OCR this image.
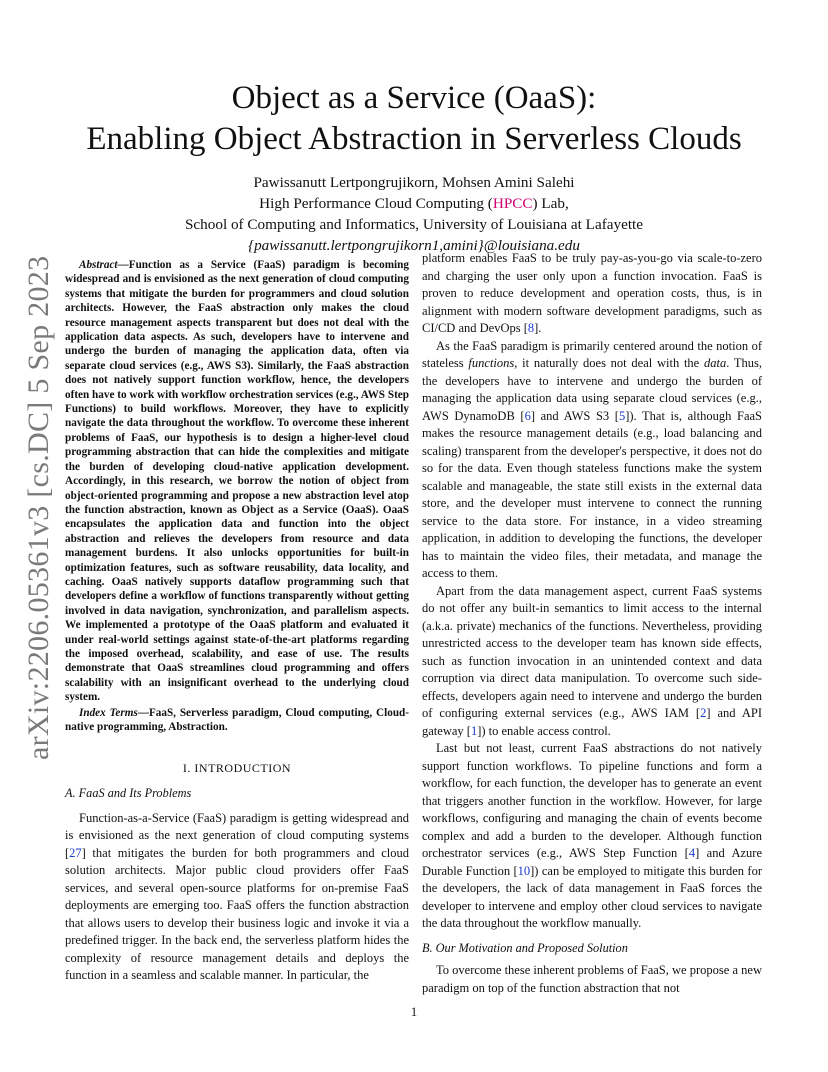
Object as a Service (OaaS):
Enabling Object Abstraction in Serverless Clouds
Pawissanutt Lertpongrujikorn, Mohsen Amini Salehi
High Performance Cloud Computing (HPCC) Lab,
School of Computing and Informatics, University of Louisiana at Lafayette
{pawissanutt.lertpongrujikorn1,amini}@louisiana.edu
arXiv:2206.05361v3 [cs.DC] 5 Sep 2023	Abstract—Function as a Service (FaaS) paradigm is becoming widespread and is envisioned as the next generation of cloud computing systems that mitigate the burden for programmers and cloud solution architects. However, the FaaS abstraction only makes the cloud resource management aspects transparent but does not deal with the application data aspects. As such, developers have to intervene and undergo the burden of managing the application data, often via separate cloud services (e.g., AWS S3). Similarly, the FaaS abstraction does not natively support function workflow, hence, the developers often have to work with workflow orchestration services (e.g., AWS Step Functions) to build workflows. Moreover, they have to explicitly navigate the data throughout the workflow. To overcome these inherent problems of FaaS, our hypothesis is to design a higher-level cloud programming abstraction that can hide the complexities and mitigate the burden of developing cloud-native application development. Accordingly, in this research, we borrow the notion of object from object-oriented programming and propose a new abstraction level atop the function abstraction, known as Object as a Service (OaaS). OaaS encapsulates the application data and function into the object abstraction and relieves the developers from resource and data management burdens. It also unlocks opportunities for built-in optimization features, such as software reusability, data locality, and caching. OaaS natively supports dataflow programming such that developers define a workflow of functions transparently without getting involved in data navigation, synchronization, and parallelism aspects. We implemented a prototype of the OaaS platform and evaluated it under real-world settings against state-of-the-art platforms regarding the imposed overhead, scalability, and ease of use. The results demonstrate that OaaS streamlines cloud programming and offers scalability with an insignificant overhead to the underlying cloud system.

Index Terms—FaaS, Serverless paradigm, Cloud computing, Cloud-native programming, Abstraction.

I. INTRODUCTION

A. FaaS and Its Problems

Function-as-a-Service (FaaS) paradigm is getting widespread and is envisioned as the next generation of cloud computing systems [27] that mitigates the burden for both programmers and cloud solution architects. Major public cloud providers offer FaaS services, and several open-source platforms for on-premise FaaS deployments are emerging too. FaaS offers the function abstraction that allows users to develop their business logic and invoke it via a predefined trigger. In the back end, the serverless platform hides the complexity of resource management details and deploys the function in a seamless and scalable manner. In particular, the

platform enables FaaS to be truly pay-as-you-go via scale-to-zero and charging the user only upon a function invocation. FaaS is proven to reduce development and operation costs, thus, is in alignment with modern software development paradigms, such as CI/CD and DevOps [8].

As the FaaS paradigm is primarily centered around the notion of stateless functions, it naturally does not deal with the data. Thus, the developers have to intervene and undergo the burden of managing the application data using separate cloud services (e.g., AWS DynamoDB [6] and AWS S3 [5]). That is, although FaaS makes the resource management details (e.g., load balancing and scaling) transparent from the developer's perspective, it does not do so for the data. Even though stateless functions make the system scalable and manageable, the state still exists in the external data store, and the developer must intervene to connect the running service to the data store. For instance, in a video streaming application, in addition to developing the functions, the developer has to maintain the video files, their metadata, and manage the access to them.

Apart from the data management aspect, current FaaS systems do not offer any built-in semantics to limit access to the internal (a.k.a. private) mechanics of the functions. Nevertheless, providing unrestricted access to the developer team has known side effects, such as function invocation in an unintended context and data corruption via direct data manipulation. To overcome such side-effects, developers again need to intervene and undergo the burden of configuring external services (e.g., AWS IAM [2] and API gateway [1]) to enable access control.

Last but not least, current FaaS abstractions do not natively support function workflows. To pipeline functions and form a workflow, for each function, the developer has to generate an event that triggers another function in the workflow. However, for large workflows, configuring and managing the chain of events become complex and add a burden to the developer. Although function orchestrator services (e.g., AWS Step Function [4] and Azure Durable Function [10]) can be employed to mitigate this burden for the developers, the lack of data management in FaaS forces the developer to intervene and employ other cloud services to navigate the data throughout the workflow manually.

B. Our Motivation and Proposed Solution

To overcome these inherent problems of FaaS, we propose a new paradigm on top of the function abstraction that not

1
